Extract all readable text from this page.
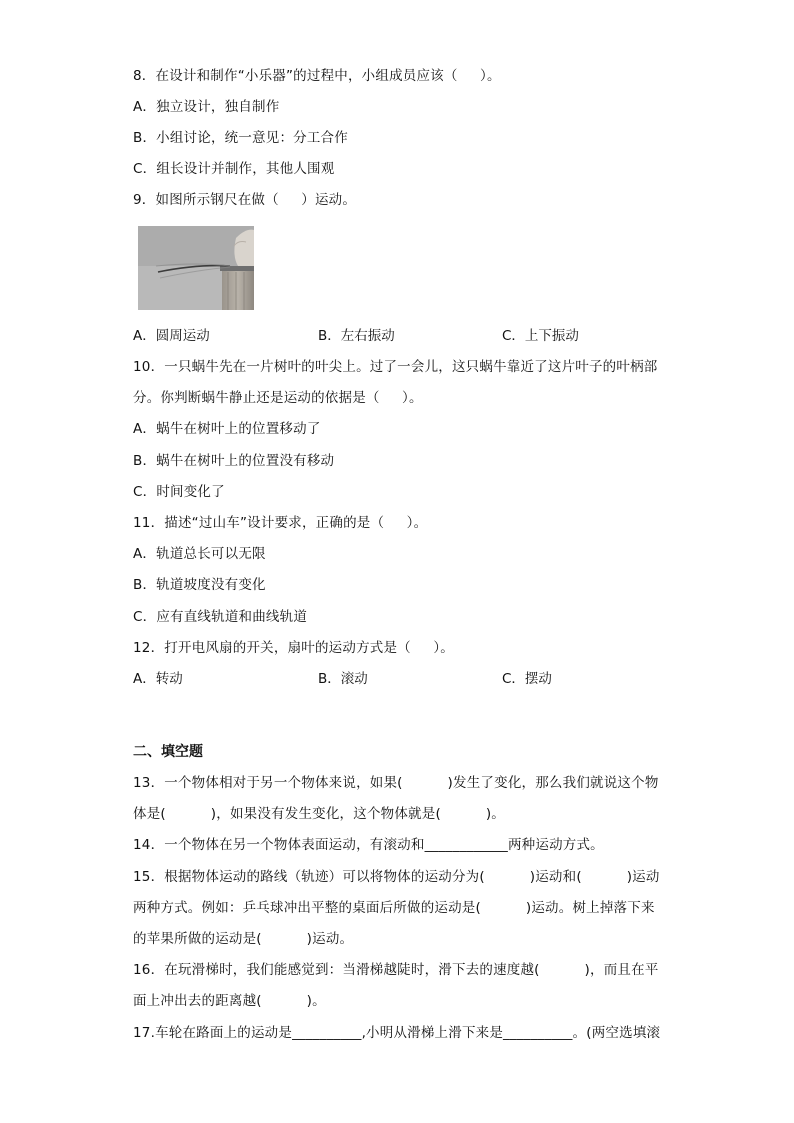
8．在设计和制作“小乐器”的过程中，小组成员应该（     ）。
A．独立设计，独自制作
B．小组讨论，统一意见：分工合作
C．组长设计并制作，其他人围观
9．如图所示钢尺在做（     ）运动。
A．圆周运动	B．左右振动	C．上下振动
10．一只蜗牛先在一片树叶的叶尖上。过了一会儿，这只蜗牛靠近了这片叶子的叶柄部
分。你判断蜗牛静止还是运动的依据是（     ）。
A．蜗牛在树叶上的位置移动了
B．蜗牛在树叶上的位置没有移动
C．时间变化了
11．描述“过山车”设计要求，正确的是（     ）。
A．轨道总长可以无限
B．轨道坡度没有变化
C．应有直线轨道和曲线轨道
12．打开电风扇的开关，扇叶的运动方式是（     ）。
A．转动	B．滚动	C．摆动
二、填空题
13．一个物体相对于另一个物体来说，如果(          )发生了变化，那么我们就说这个物
体是(          )，如果没有发生变化，这个物体就是(          )。
14．一个物体在另一个物体表面运动，有滚动和____________两种运动方式。
15．根据物体运动的路线（轨迹）可以将物体的运动分为(          )运动和(          )运动
两种方式。例如：乒乓球冲出平整的桌面后所做的运动是(          )运动。树上掉落下来
的苹果所做的运动是(          )运动。
16．在玩滑梯时，我们能感觉到：当滑梯越陡时，滑下去的速度越(          )，而且在平
面上冲出去的距离越(          )。
17.车轮在路面上的运动是__________,小明从滑梯上滑下来是__________。(两空选填滚
